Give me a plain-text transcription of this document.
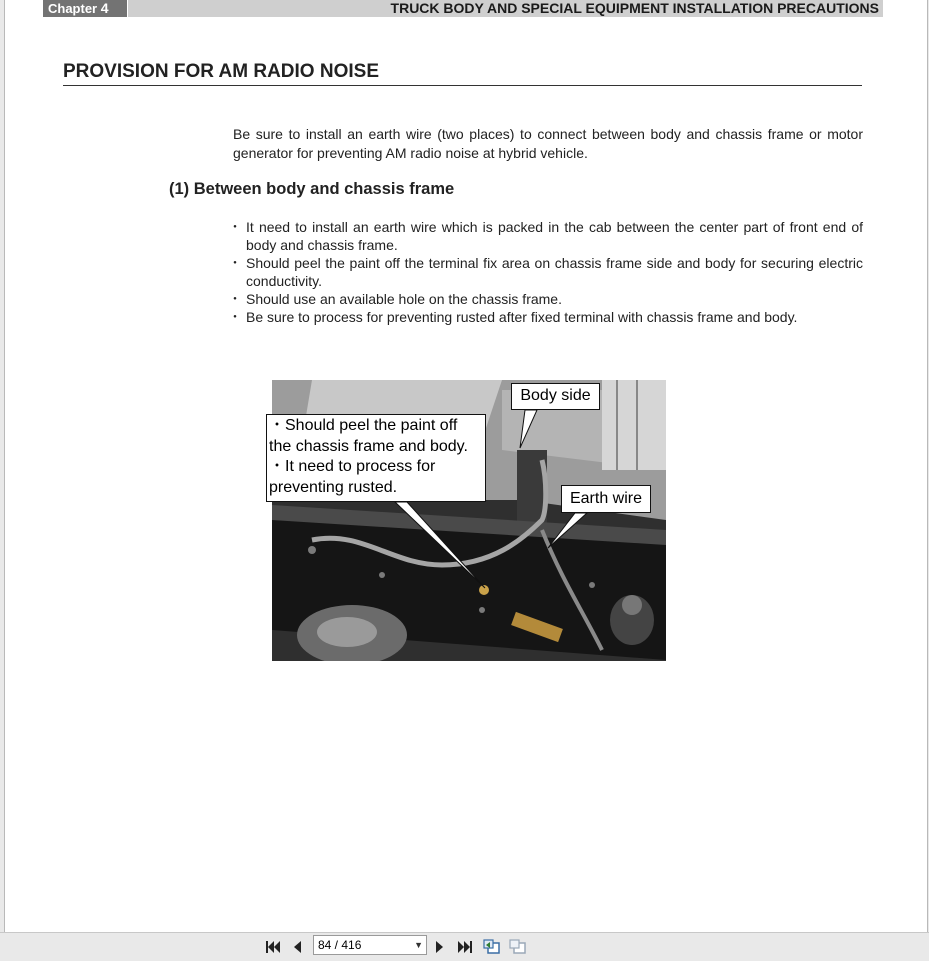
Chapter 4	TRUCK BODY AND SPECIAL EQUIPMENT INSTALLATION PRECAUTIONS
PROVISION FOR AM RADIO NOISE

Be sure to install an earth wire (two places) to connect between body and chassis frame or motor generator for preventing AM radio noise at hybrid vehicle.

(1) Between body and chassis frame
・ It need to install an earth wire which is packed in the cab between the center part of front end of body and chassis frame.
・ Should peel the paint off the terminal fix area on chassis frame side and body for securing electric conductivity.
・ Should use an available hole on the chassis frame.
・ Be sure to process for preventing rusted after fixed terminal with chassis frame and body.

・Should peel the paint off

the chassis frame and body.

・It need to process for

preventing rusted.

Body side
Earth wire
84 / 416	▼
